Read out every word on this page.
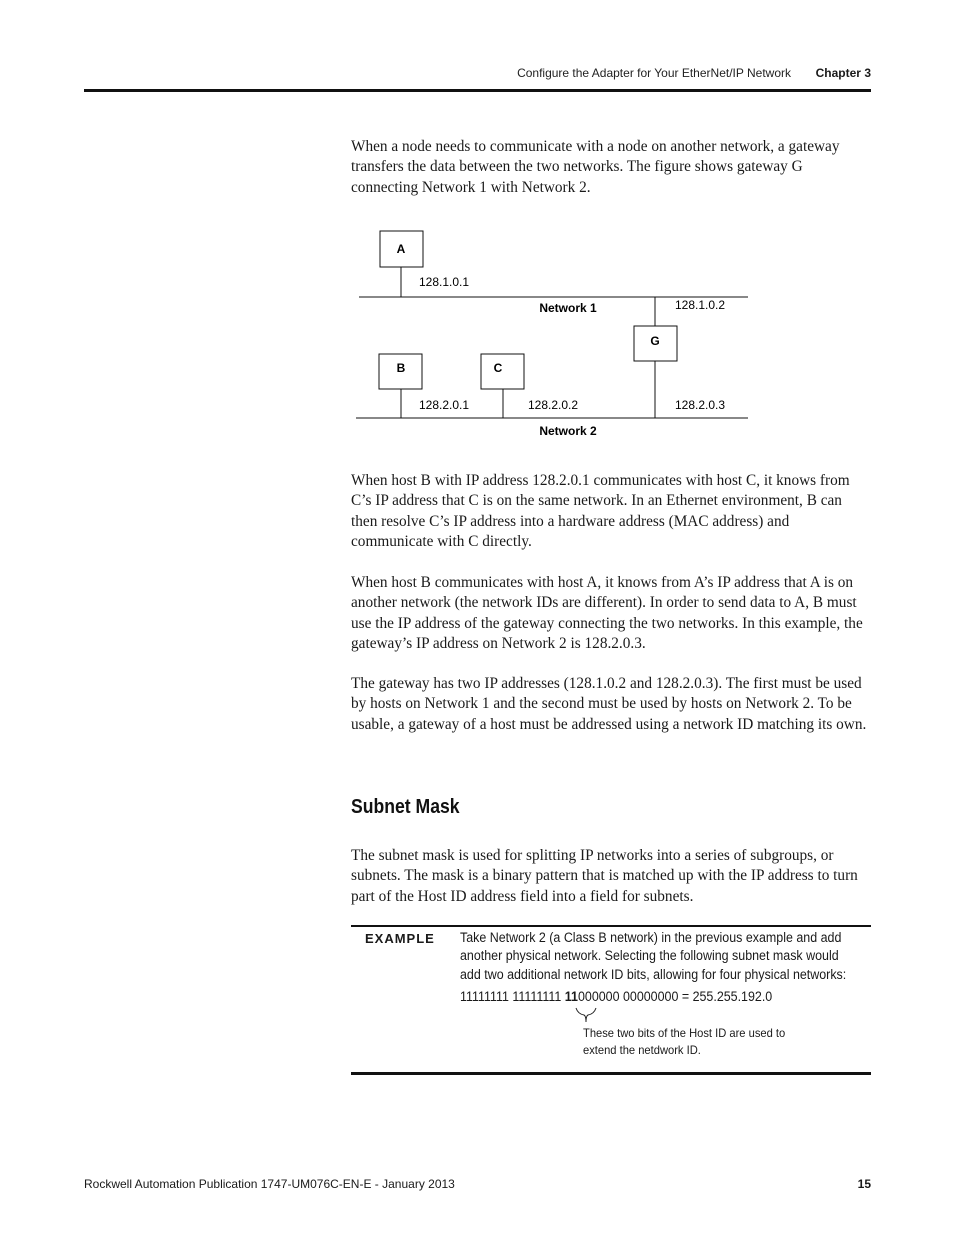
Configure the Adapter for Your EtherNet/IP Network Chapter 3

When a node needs to communicate with a node on another network, a gateway transfers the data between the two networks. The figure shows gateway G connecting Network 1 with Network 2.

A
128.1.0.1
G
128.1.0.2
128.2.0.3
Network 1
B
128.2.0.1
C
128.2.0.2
Network 2

When host B with IP address 128.2.0.1 communicates with host C, it knows from C’s IP address that C is on the same network. In an Ethernet environment, B can then resolve C’s IP address into a hardware address (MAC address) and communicate with C directly.

When host B communicates with host A, it knows from A’s IP address that A is on another network (the network IDs are different). In order to send data to A, B must use the IP address of the gateway connecting the two networks. In this example, the gateway’s IP address on Network 2 is 128.2.0.3.

The gateway has two IP addresses (128.1.0.2 and 128.2.0.3). The first must be used by hosts on Network 1 and the second must be used by hosts on Network 2. To be usable, a gateway of a host must be addressed using a network ID matching its own.

Subnet Mask

The subnet mask is used for splitting IP networks into a series of subgroups, or subnets. The mask is a binary pattern that is matched up with the IP address to turn part of the Host ID address field into a field for subnets.

EXAMPLE Take Network 2 (a Class B network) in the previous example and add
another physical network. Selecting the following subnet mask would
add two additional network ID bits, allowing for four physical networks:

11111111 11111111 11000000 00000000 = 255.255.192.0

These two bits of the Host ID are used to
extend the netdwork ID.

Rockwell Automation Publication 1747-UM076C-EN-E - January 2013	15
